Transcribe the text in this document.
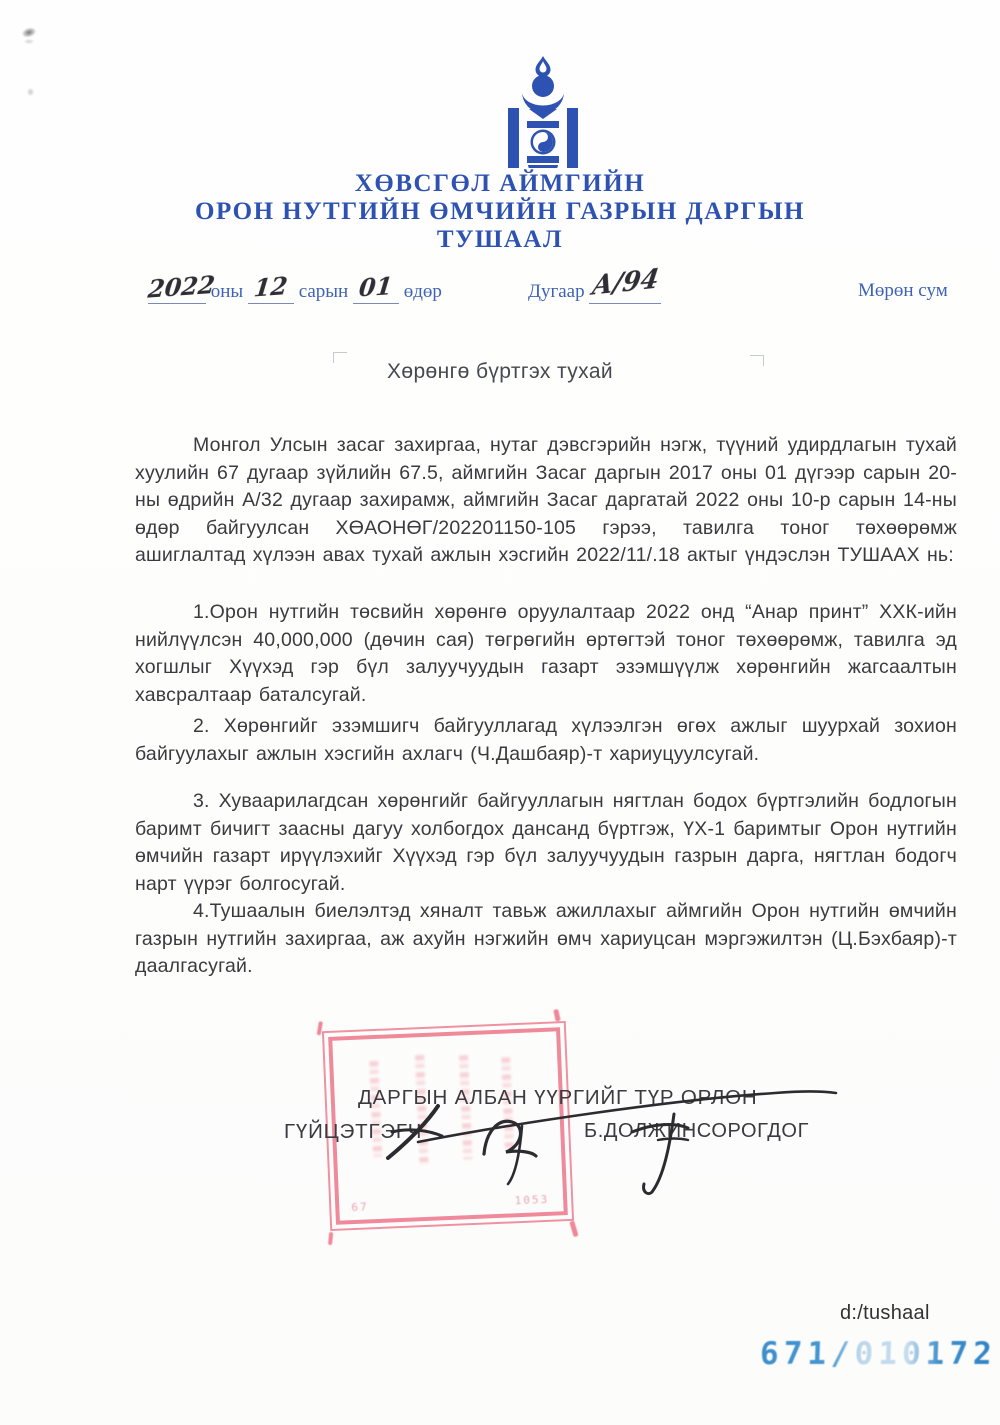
ХӨВСГӨЛ АЙМГИЙН
ОРОН НУТГИЙН ӨМЧИЙН ГАЗРЫН ДАРГЫН
ТУШААЛ
2022 оны 12 сарын 01 өдөр	Дугаар А/94	Мөрөн сум
Хөрөнгө бүртгэх тухай

Монгол Улсын засаг захиргаа, нутаг дэвсгэрийн нэгж, түүний удирдлагын тухай хуулийн 67 дугаар зүйлийн 67.5, аймгийн Засаг даргын 2017 оны 01 дүгээр сарын 20-ны өдрийн А/32 дугаар захирамж, аймгийн Засаг даргатай 2022 оны 10-р сарын 14-ны өдөр байгуулсан ХӨАОНӨГ/202201150-105 гэрээ, тавилга тоног төхөөрөмж ашиглалтад хүлээн авах тухай ажлын хэсгийн 2022/11/.18 актыг үндэслэн ТУШААХ нь:

1.Орон нутгийн төсвийн хөрөнгө оруулалтаар 2022 онд “Анар принт” ХХК-ийн нийлүүлсэн 40,000,000 (дөчин сая) төгрөгийн өртөгтэй тоног төхөөрөмж, тавилга эд хогшлыг Хүүхэд гэр бүл залуучуудын газарт эзэмшүүлж хөрөнгийн жагсаалтын хавсралтаар баталсугай.

2. Хөрөнгийг эзэмшигч байгууллагад хүлээлгэн өгөх ажлыг шуурхай зохион байгуулахыг ажлын хэсгийн ахлагч (Ч.Дашбаяр)-т хариуцуулсугай.

3. Хуваарилагдсан хөрөнгийг байгууллагын нягтлан бодох бүртгэлийн бодлогын баримт бичигт заасны дагуу холбогдох дансанд бүртгэж, ҮХ-1 баримтыг Орон нутгийн өмчийн газарт ирүүлэхийг Хүүхэд гэр бүл залуучуудын газрын дарга, нягтлан бодогч нарт үүрэг болгосугай.

4.Тушаалын биелэлтэд хяналт тавьж ажиллахыг аймгийн Орон нутгийн өмчийн газрын нутгийн захиргаа, аж ахуйн нэгжийн өмч хариуцсан мэргэжилтэн (Ц.Бэхбаяр)-т даалгасугай.

67	1053
ДАРГЫН АЛБАН ҮҮРГИЙГ ТҮР ОРЛОН
ГҮЙЦЭТГЭГЧ	Б.ДОЛЖИНСОРОГДОГ
d:/tushaal
671/010172
